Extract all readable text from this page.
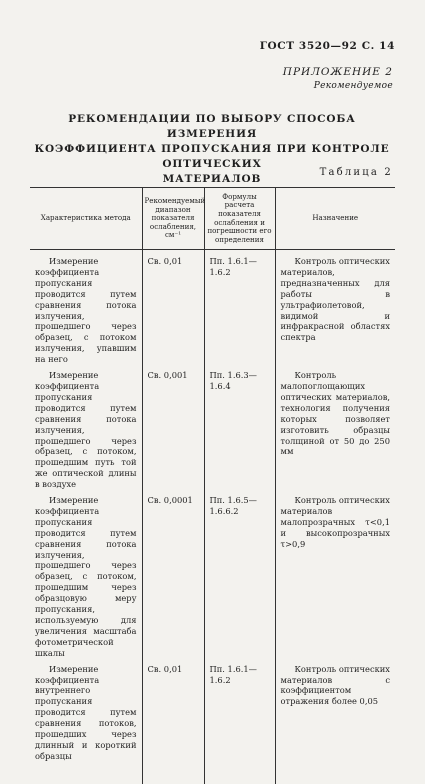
ГОСТ 3520—92 С. 14
ПРИЛОЖЕНИЕ 2
Рекомендуемое
РЕКОМЕНДАЦИИ ПО ВЫБОРУ СПОСОБА ИЗМЕРЕНИЯ
КОЭФФИЦИЕНТА ПРОПУСКАНИЯ ПРИ КОНТРОЛЕ ОПТИЧЕСКИХ
МАТЕРИАЛОВ
Таблица 2
Характеристика метода	Рекомендуемый диапазон показателя ослабления, см⁻¹	Формулы расчета показателя ослабления и погрешности его определения	Назначение
Измерение коэффициента пропускания проводится путем сравнения потока излучения, прошедшего через образец, с потоком излучения, упавшим на него	Св. 0,01	Пп. 1.6.1—1.6.2	Контроль оптических материалов, предназначенных для работы в ультрафиолетовой, видимой и инфракрасной областях спектра
Измерение коэффициента пропускания проводится путем сравнения потока излучения, прошедшего через образец, с потоком, прошедшим путь той же оптической длины в воздухе	Св. 0,001	Пп. 1.6.3—1.6.4	Контроль малопоглощающих оптических материалов, технология получения которых позволяет изготовить образцы толщиной от 50 до 250 мм
Измерение коэффициента пропускания проводится путем сравнения потока излучения, прошедшего через образец, с потоком, прошедшим через образцовую меру пропускания, используемую для увеличения масштаба фотометрической шкалы	Св. 0,0001	Пп. 1.6.5—1.6.6.2	Контроль оптических материалов малопрозрачных τ<0,1 и высокопрозрачных τ>0,9
Измерение коэффициента внутреннего пропускания проводится путем сравнения потоков, прошедших через длинный и короткий образцы	Св. 0,01	Пп. 1.6.1—1.6.2	Контроль оптических материалов с коэффициентом отражения более 0,05
